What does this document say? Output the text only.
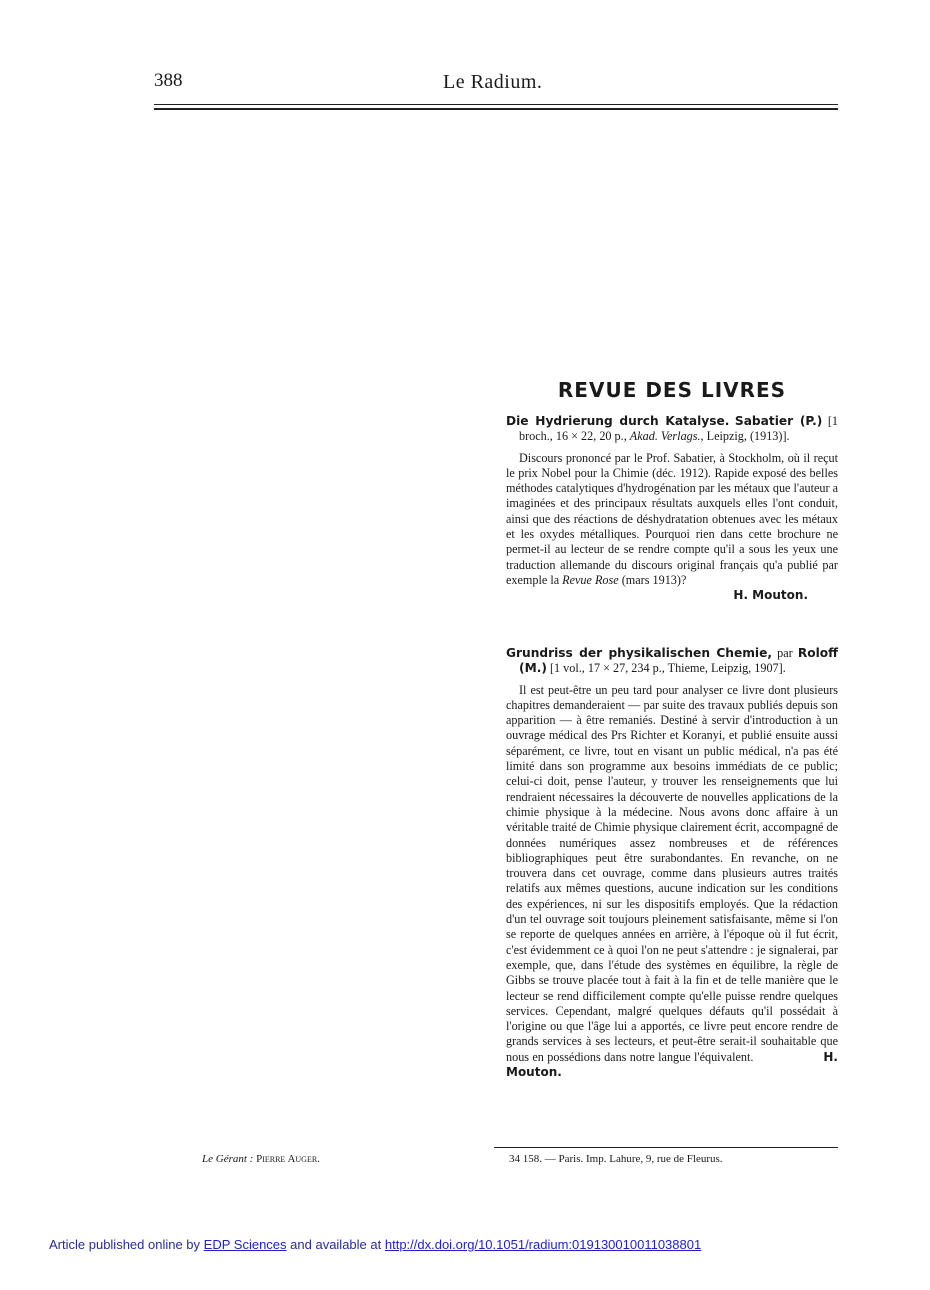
388	Le Radium.
REVUE DES LIVRES

Die Hydrierung durch Katalyse. Sabatier (P.) [1 broch., 16 × 22, 20 p., Akad. Verlags., Leipzig, (1913)].

Discours prononcé par le Prof. Sabatier, à Stockholm, où il reçut le prix Nobel pour la Chimie (déc. 1912). Rapide exposé des belles méthodes catalytiques d'hydrogénation par les métaux que l'auteur a imaginées et des principaux résultats auxquels elles l'ont conduit, ainsi que des réactions de déshydratation obtenues avec les métaux et les oxydes métalliques. Pourquoi rien dans cette brochure ne permet-il au lecteur de se rendre compte qu'il a sous les yeux une traduction allemande du discours original français qu'a publié par exemple la Revue Rose (mars 1913)?

H. Mouton.

Grundriss der physikalischen Chemie, par Roloff (M.) [1 vol., 17 × 27, 234 p., Thieme, Leipzig, 1907].

Il est peut-être un peu tard pour analyser ce livre dont plusieurs chapitres demanderaient — par suite des travaux publiés depuis son apparition — à être remaniés. Destiné à servir d'introduction à un ouvrage médical des Prs Richter et Koranyi, et publié ensuite aussi séparément, ce livre, tout en visant un public médical, n'a pas été limité dans son programme aux besoins immédiats de ce public; celui-ci doit, pense l'auteur, y trouver les renseignements que lui rendraient nécessaires la découverte de nouvelles applications de la chimie physique à la médecine. Nous avons donc affaire à un véritable traité de Chimie physique clairement écrit, accompagné de données numériques assez nombreuses et de références bibliographiques peut être surabondantes. En revanche, on ne trouvera dans cet ouvrage, comme dans plusieurs autres traités relatifs aux mêmes questions, aucune indication sur les conditions des expériences, ni sur les dispositifs employés. Que la rédaction d'un tel ouvrage soit toujours pleinement satisfaisante, même si l'on se reporte de quelques années en arrière, à l'époque où il fut écrit, c'est évidemment ce à quoi l'on ne peut s'attendre : je signalerai, par exemple, que, dans l'étude des systèmes en équilibre, la règle de Gibbs se trouve placée tout à fait à la fin et de telle manière que le lecteur se rend difficilement compte qu'elle puisse rendre quelques services. Cependant, malgré quelques défauts qu'il possédait à l'origine ou que l'âge lui a apportés, ce livre peut encore rendre de grands services à ses lecteurs, et peut-être serait-il souhaitable que nous en possédions dans notre langue l'équivalent.	H. Mouton.

Le Gérant : Pierre Auger.	34 158. — Paris. Imp. Lahure, 9, rue de Fleurus.
Article published online by EDP Sciences and available at http://dx.doi.org/10.1051/radium:019130010011038801
